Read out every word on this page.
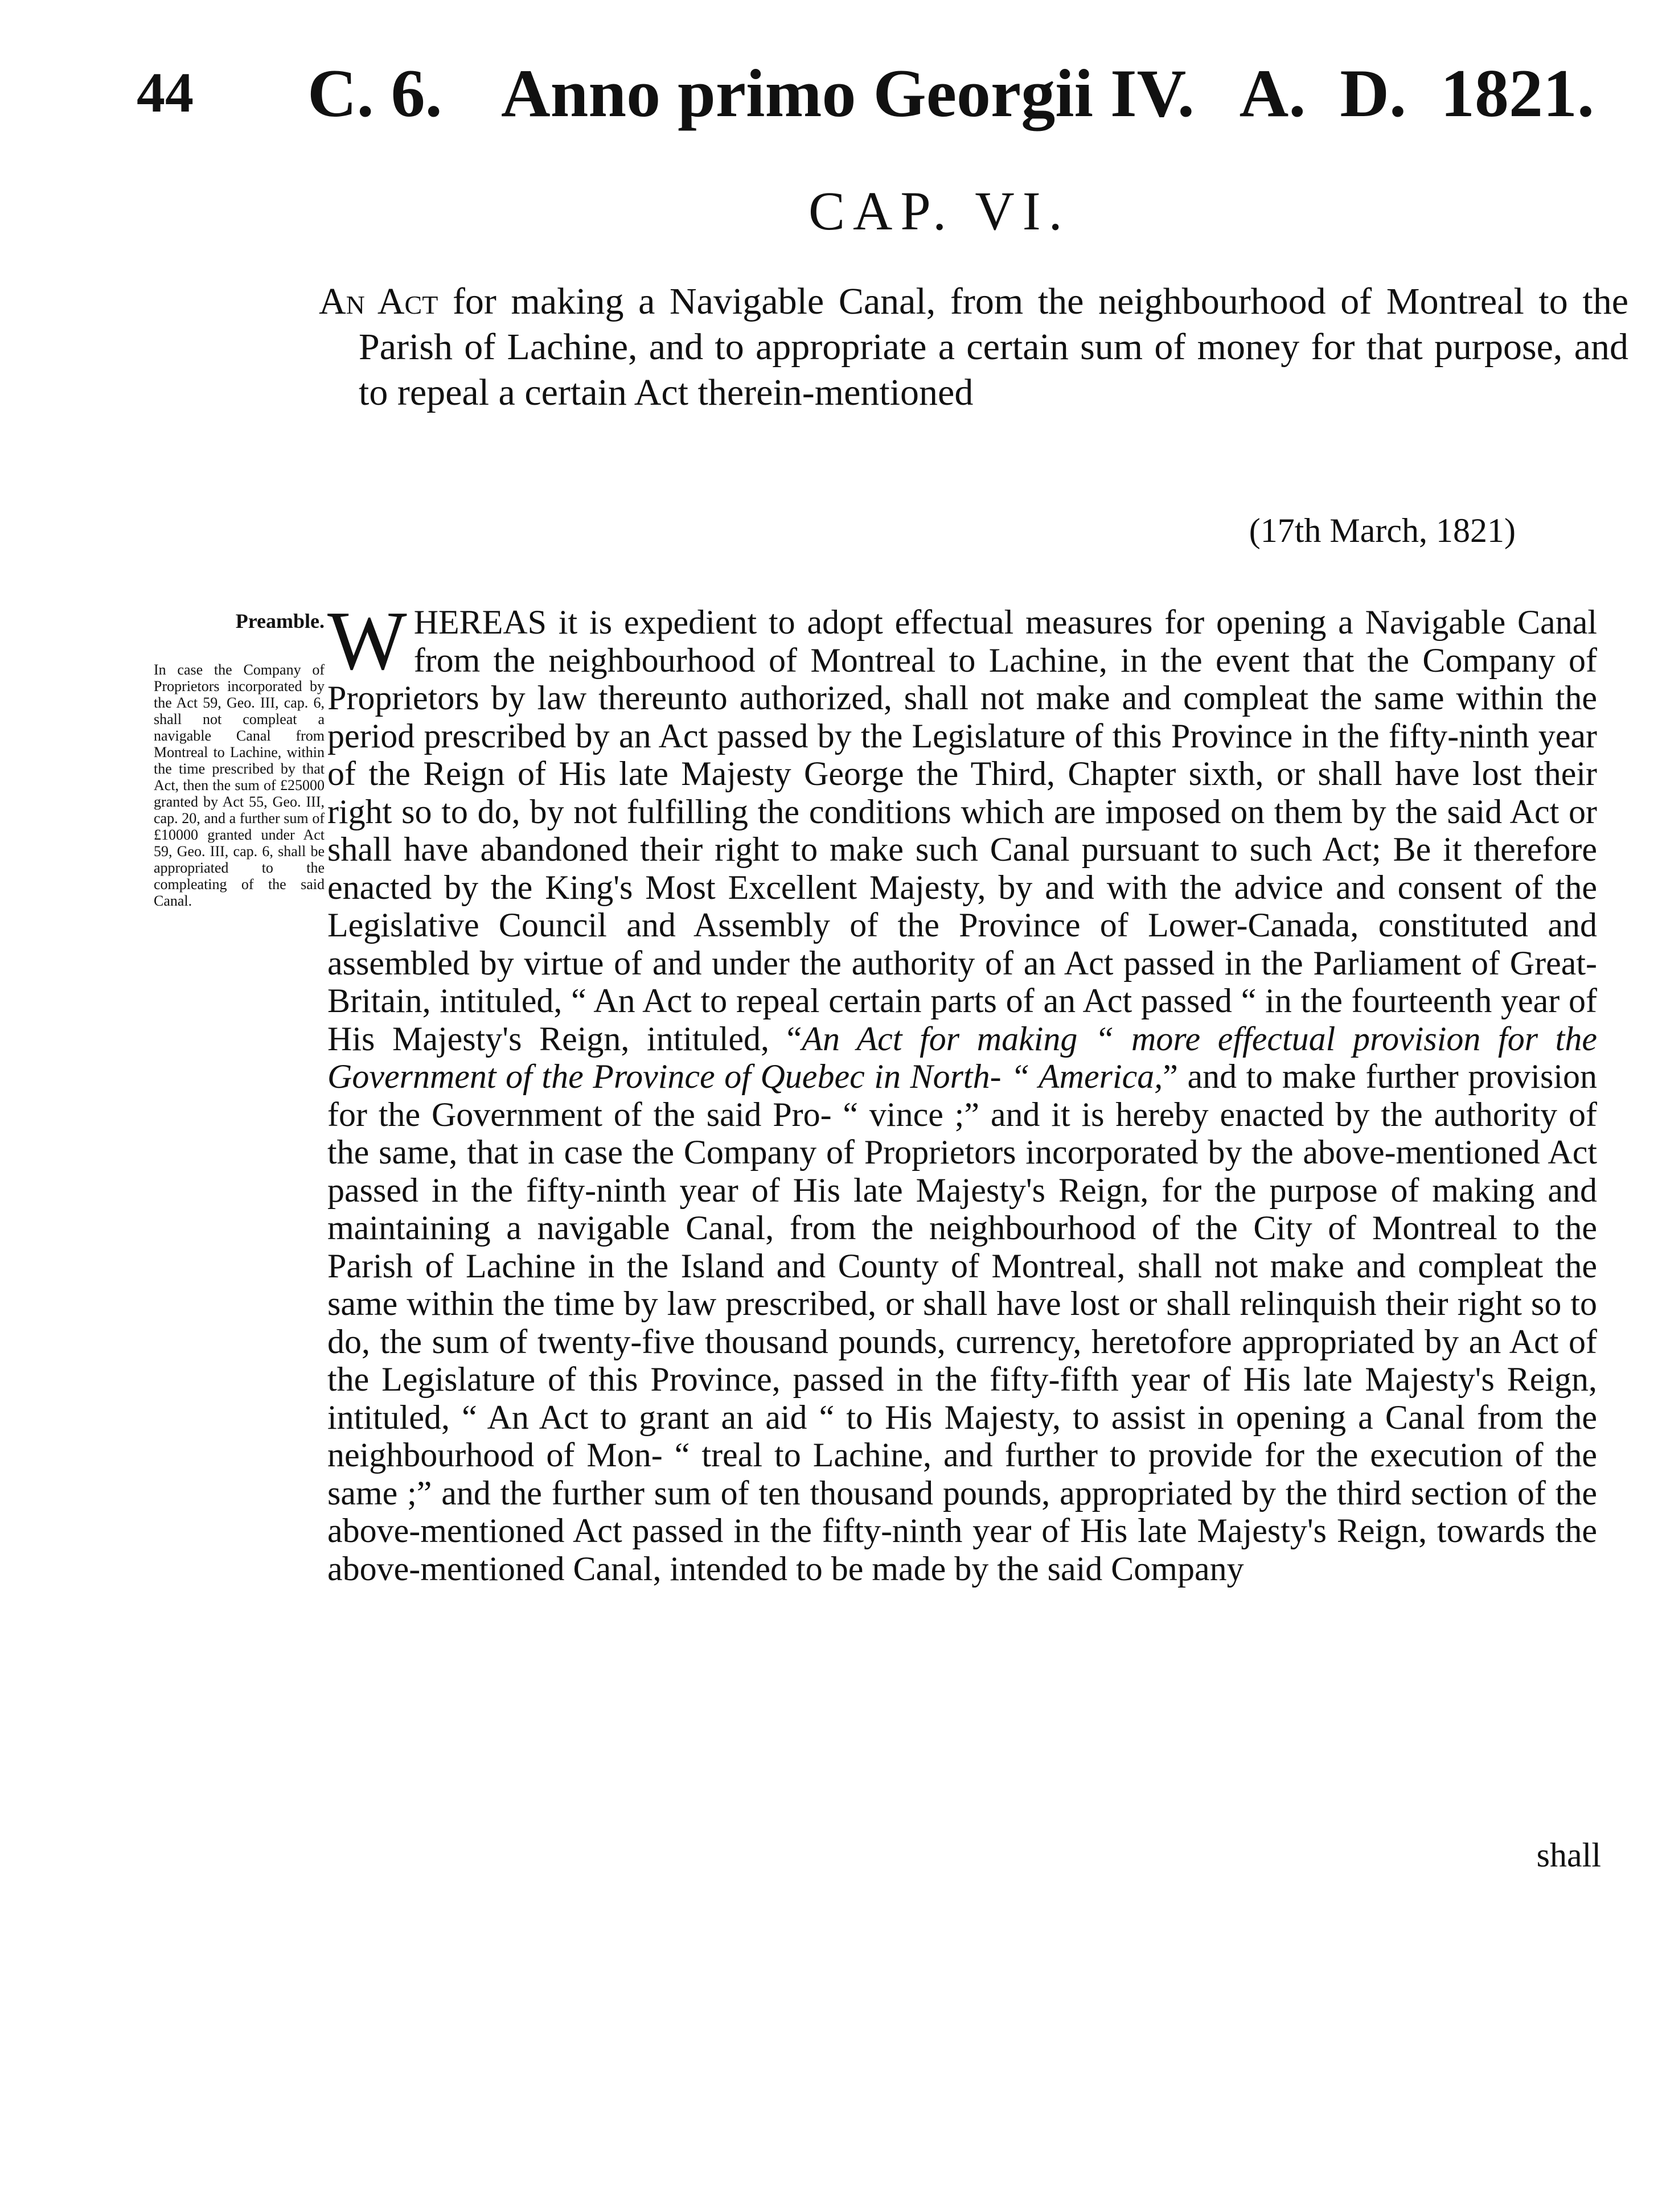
44 C. 6. Anno primo Georgii IV. A. D. 1821.
CAP. VI.
An Act for making a Navigable Canal, from the neighbourhood of Montreal to the Parish of Lachine, and to appropriate a certain sum of money for that purpose, and to repeal a certain Act therein-mentioned
(17th March, 1821)
Preamble.
In case the Company of Proprietors incorporated by the Act 59, Geo. III, cap. 6, shall not compleat a navigable Canal from Montreal to Lachine, within the time prescribed by that Act, then the sum of £25000 granted by Act 55, Geo. III, cap. 20, and a further sum of £10000 granted under Act 59, Geo. III, cap. 6, shall be appropriated to the compleating of the said Canal.
WHEREAS it is expedient to adopt effectual measures for opening a Navigable Canal from the neighbourhood of Montreal to Lachine, in the event that the Company of Proprietors by law thereunto authorized, shall not make and compleat the same within the period prescribed by an Act passed by the Legislature of this Province in the fifty-ninth year of the Reign of His late Majesty George the Third, Chapter sixth, or shall have lost their right so to do, by not fulfilling the conditions which are imposed on them by the said Act or shall have abandoned their right to make such Canal pursuant to such Act; Be it therefore enacted by the King's Most Excellent Majesty, by and with the advice and consent of the Legislative Council and Assembly of the Province of Lower-Canada, constituted and assembled by virtue of and under the authority of an Act passed in the Parliament of Great-Britain, intituled, “ An Act to repeal certain parts of an Act passed “ in the fourteenth year of His Majesty's Reign, intituled, “An Act for making “ more effectual provision for the Government of the Province of Quebec in North- “ America,” and to make further provision for the Government of the said Pro- “ vince ;” and it is hereby enacted by the authority of the same, that in case the Company of Proprietors incorporated by the above-mentioned Act passed in the fifty-ninth year of His late Majesty's Reign, for the purpose of making and maintaining a navigable Canal, from the neighbourhood of the City of Montreal to the Parish of Lachine in the Island and County of Montreal, shall not make and compleat the same within the time by law prescribed, or shall have lost or shall relinquish their right so to do, the sum of twenty-five thousand pounds, currency, heretofore appropriated by an Act of the Legislature of this Province, passed in the fifty-fifth year of His late Majesty's Reign, intituled, “ An Act to grant an aid “ to His Majesty, to assist in opening a Canal from the neighbourhood of Mon- “ treal to Lachine, and further to provide for the execution of the same ;” and the further sum of ten thousand pounds, appropriated by the third section of the above-mentioned Act passed in the fifty-ninth year of His late Majesty's Reign, towards the above-mentioned Canal, intended to be made by the said Company
shall
